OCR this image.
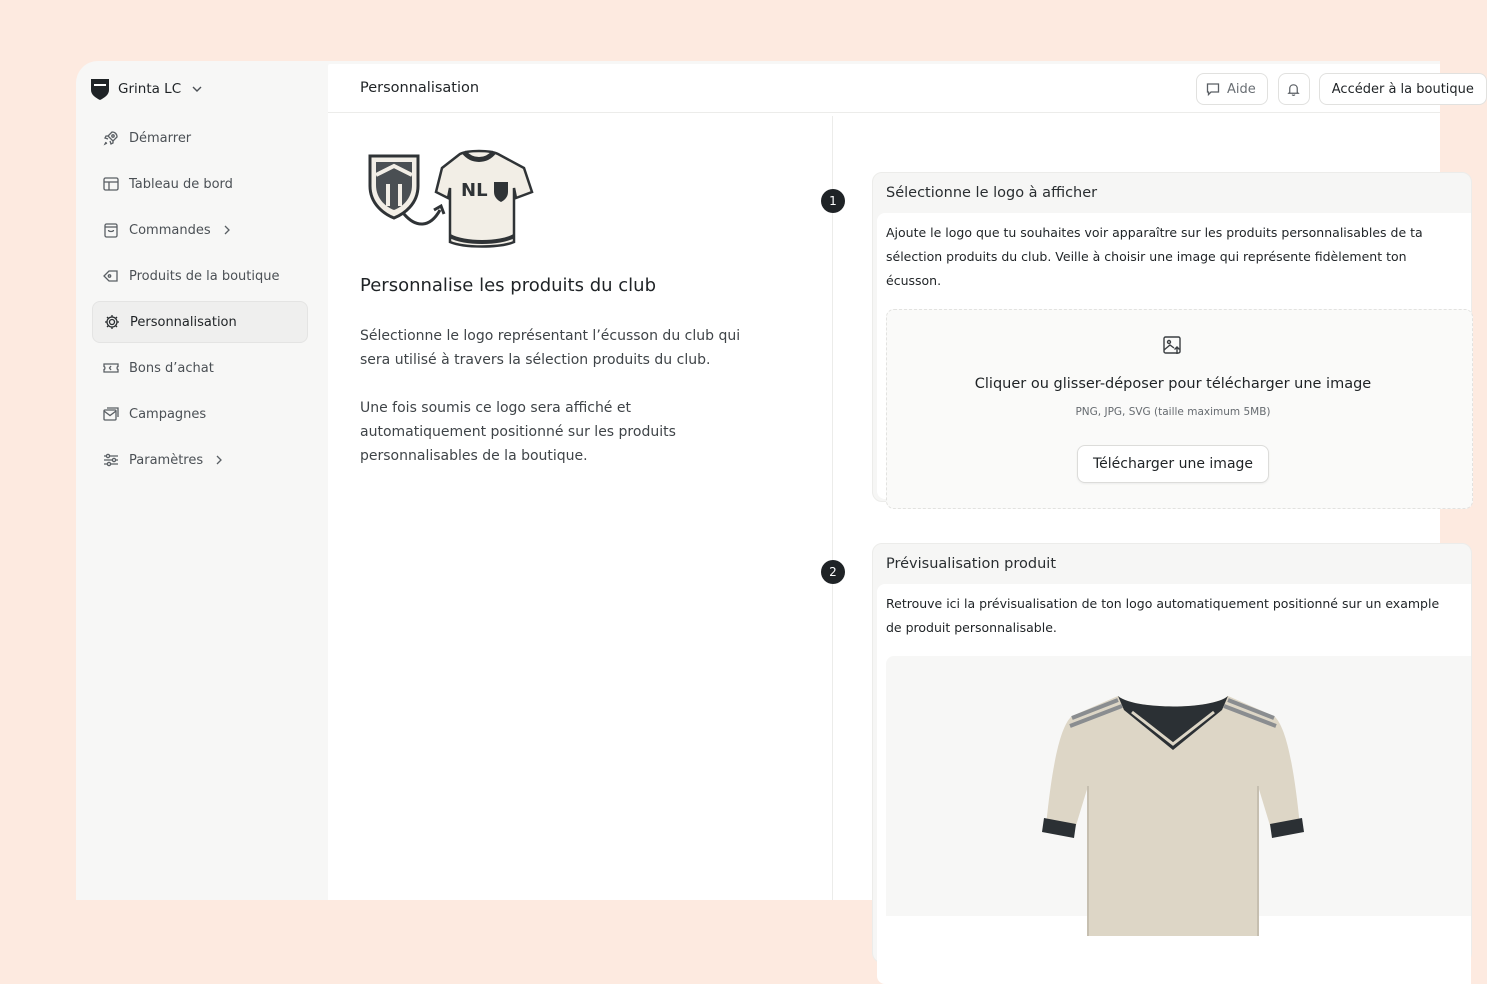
Grinta LC
Démarrer
Tableau de bord
Commandes
Produits de la boutique
Personnalisation
Bons d’achat
Campagnes
Paramètres
Personnalisation	Aide	Accéder à la boutique
NL
Personnalise les produits du club

Sélectionne le logo représentant l’écusson du club qui sera utilisé à travers la sélection produits du club.

Une fois soumis ce logo sera affiché et automatiquement positionné sur les produits personnalisables de la boutique.

1	Sélectionne le logo à afficher

Ajoute le logo que tu souhaites voir apparaître sur les produits personnalisables de ta sélection produits du club. Veille à choisir une image qui représente fidèlement ton écusson.

Cliquer ou glisser-déposer pour télécharger une image
PNG, JPG, SVG (taille maximum 5MB)
Télécharger une image
2	Prévisualisation produit

Retrouve ici la prévisualisation de ton logo automatiquement positionné sur un example de produit personnalisable.
